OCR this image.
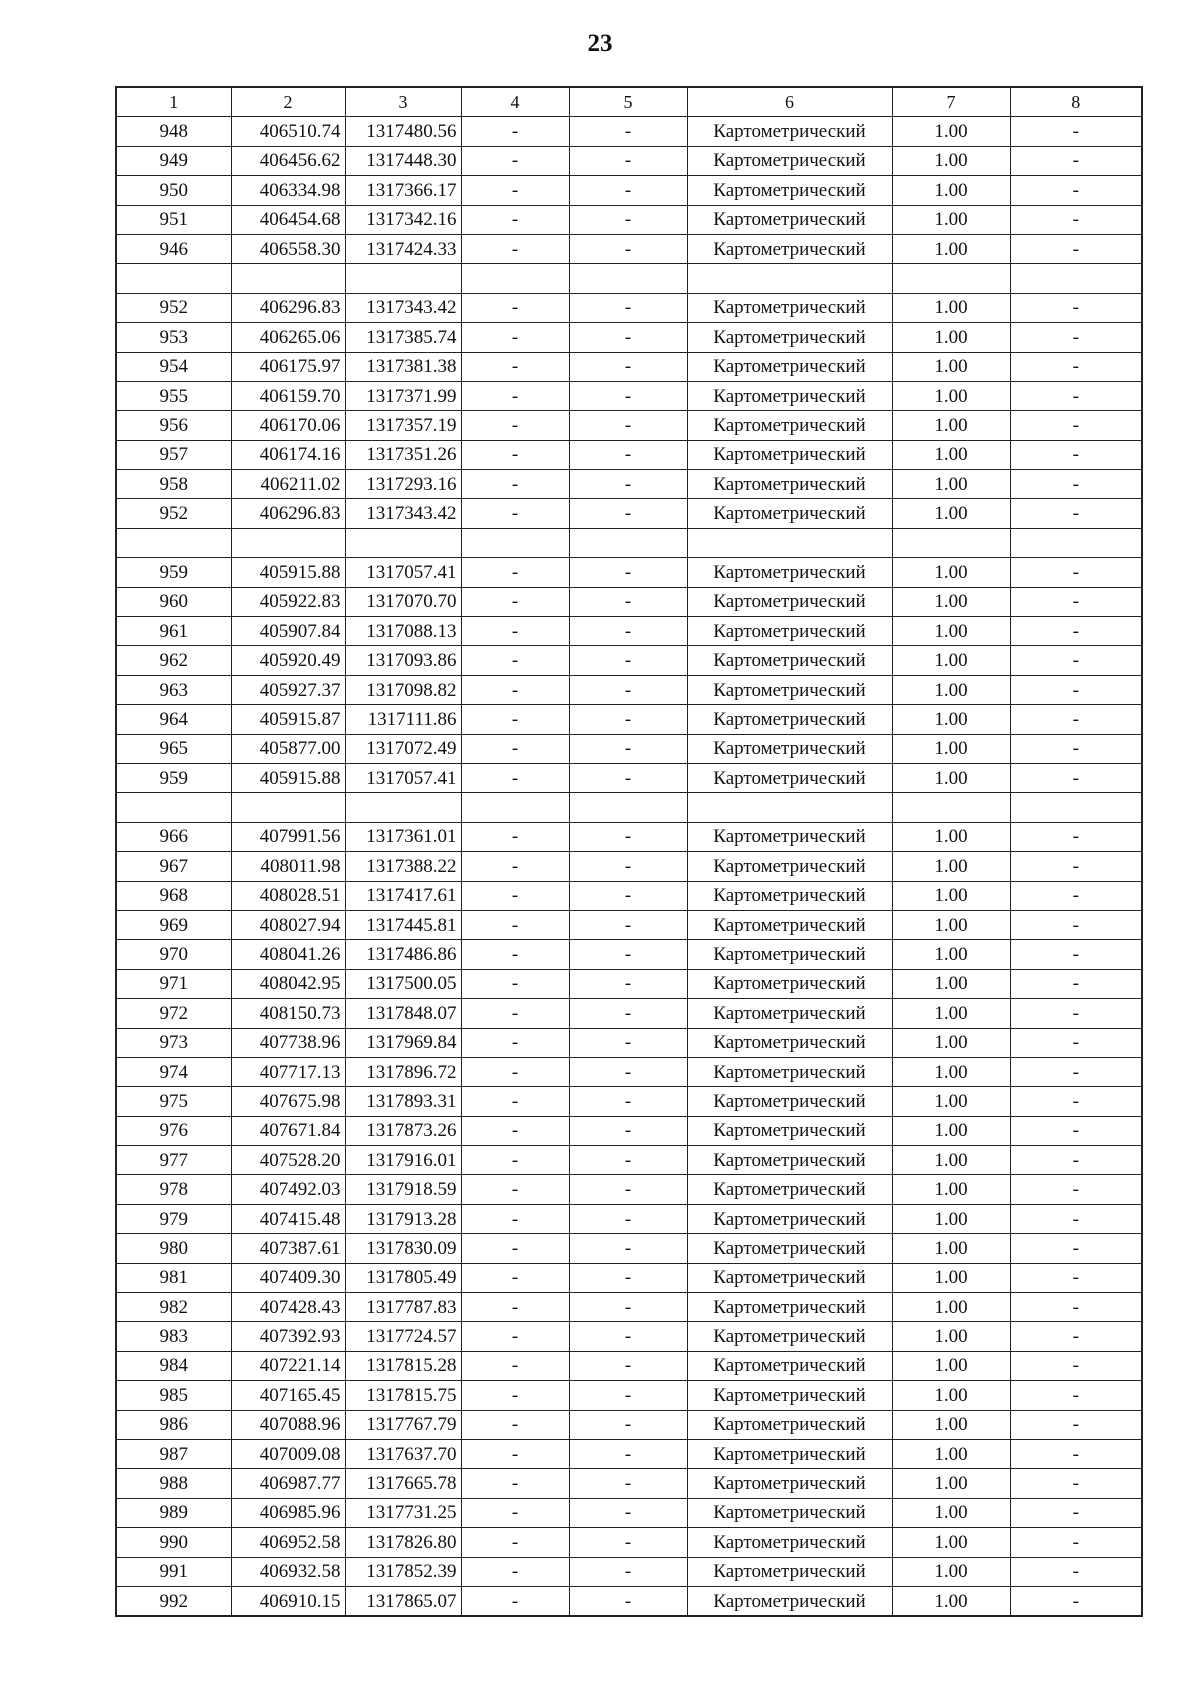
23
1	2	3	4	5	6	7	8
948	406510.74	1317480.56	-	-	Картометрический	1.00	-
949	406456.62	1317448.30	-	-	Картометрический	1.00	-
950	406334.98	1317366.17	-	-	Картометрический	1.00	-
951	406454.68	1317342.16	-	-	Картометрический	1.00	-
946	406558.30	1317424.33	-	-	Картометрический	1.00	-

952	406296.83	1317343.42	-	-	Картометрический	1.00	-
953	406265.06	1317385.74	-	-	Картометрический	1.00	-
954	406175.97	1317381.38	-	-	Картометрический	1.00	-
955	406159.70	1317371.99	-	-	Картометрический	1.00	-
956	406170.06	1317357.19	-	-	Картометрический	1.00	-
957	406174.16	1317351.26	-	-	Картометрический	1.00	-
958	406211.02	1317293.16	-	-	Картометрический	1.00	-
952	406296.83	1317343.42	-	-	Картометрический	1.00	-

959	405915.88	1317057.41	-	-	Картометрический	1.00	-
960	405922.83	1317070.70	-	-	Картометрический	1.00	-
961	405907.84	1317088.13	-	-	Картометрический	1.00	-
962	405920.49	1317093.86	-	-	Картометрический	1.00	-
963	405927.37	1317098.82	-	-	Картометрический	1.00	-
964	405915.87	1317111.86	-	-	Картометрический	1.00	-
965	405877.00	1317072.49	-	-	Картометрический	1.00	-
959	405915.88	1317057.41	-	-	Картометрический	1.00	-

966	407991.56	1317361.01	-	-	Картометрический	1.00	-
967	408011.98	1317388.22	-	-	Картометрический	1.00	-
968	408028.51	1317417.61	-	-	Картометрический	1.00	-
969	408027.94	1317445.81	-	-	Картометрический	1.00	-
970	408041.26	1317486.86	-	-	Картометрический	1.00	-
971	408042.95	1317500.05	-	-	Картометрический	1.00	-
972	408150.73	1317848.07	-	-	Картометрический	1.00	-
973	407738.96	1317969.84	-	-	Картометрический	1.00	-
974	407717.13	1317896.72	-	-	Картометрический	1.00	-
975	407675.98	1317893.31	-	-	Картометрический	1.00	-
976	407671.84	1317873.26	-	-	Картометрический	1.00	-
977	407528.20	1317916.01	-	-	Картометрический	1.00	-
978	407492.03	1317918.59	-	-	Картометрический	1.00	-
979	407415.48	1317913.28	-	-	Картометрический	1.00	-
980	407387.61	1317830.09	-	-	Картометрический	1.00	-
981	407409.30	1317805.49	-	-	Картометрический	1.00	-
982	407428.43	1317787.83	-	-	Картометрический	1.00	-
983	407392.93	1317724.57	-	-	Картометрический	1.00	-
984	407221.14	1317815.28	-	-	Картометрический	1.00	-
985	407165.45	1317815.75	-	-	Картометрический	1.00	-
986	407088.96	1317767.79	-	-	Картометрический	1.00	-
987	407009.08	1317637.70	-	-	Картометрический	1.00	-
988	406987.77	1317665.78	-	-	Картометрический	1.00	-
989	406985.96	1317731.25	-	-	Картометрический	1.00	-
990	406952.58	1317826.80	-	-	Картометрический	1.00	-
991	406932.58	1317852.39	-	-	Картометрический	1.00	-
992	406910.15	1317865.07	-	-	Картометрический	1.00	-
